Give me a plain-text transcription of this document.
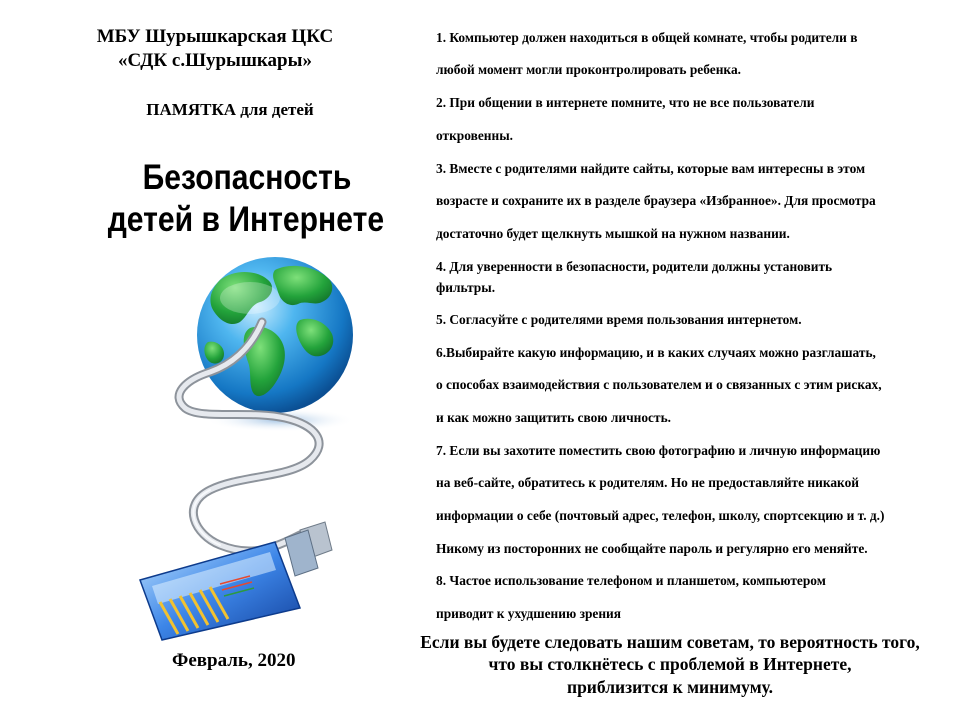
МБУ Шурышкарская ЦКС
«СДК с.Шурышкары»
ПАМЯТКА для детей
Безопасность
детей в Интернете
Февраль, 2020
1. Компьютер должен находиться в общей комнате, чтобы родители в
любой момент могли проконтролировать ребенка.
2. При общении в интернете помните, что не все пользователи
откровенны.
3. Вместе с родителями найдите сайты, которые вам интересны в этом
возрасте и сохраните их в разделе браузера «Избранное». Для просмотра
достаточно будет щелкнуть мышкой на нужном названии.
4. Для уверенности в безопасности, родители должны установить
фильтры.
5. Согласуйте с родителями время пользования интернетом.
6.Выбирайте какую информацию, и в каких случаях можно разглашать,
о способах взаимодействия с пользователем и о связанных с этим рисках,
и как можно защитить свою личность.
7. Если вы захотите поместить свою фотографию и личную информацию
на веб-сайте, обратитесь к родителям. Но не предоставляйте никакой
информации о себе (почтовый адрес, телефон, школу, спортсекцию и т. д.)
Никому из посторонних не сообщайте пароль и регулярно его меняйте.
8. Частое использование телефоном и планшетом, компьютером
приводит к ухудшению зрения
Если вы будете следовать нашим советам, то вероятность того,
что вы столкнётесь с проблемой в Интернете,
приблизится к минимуму.
